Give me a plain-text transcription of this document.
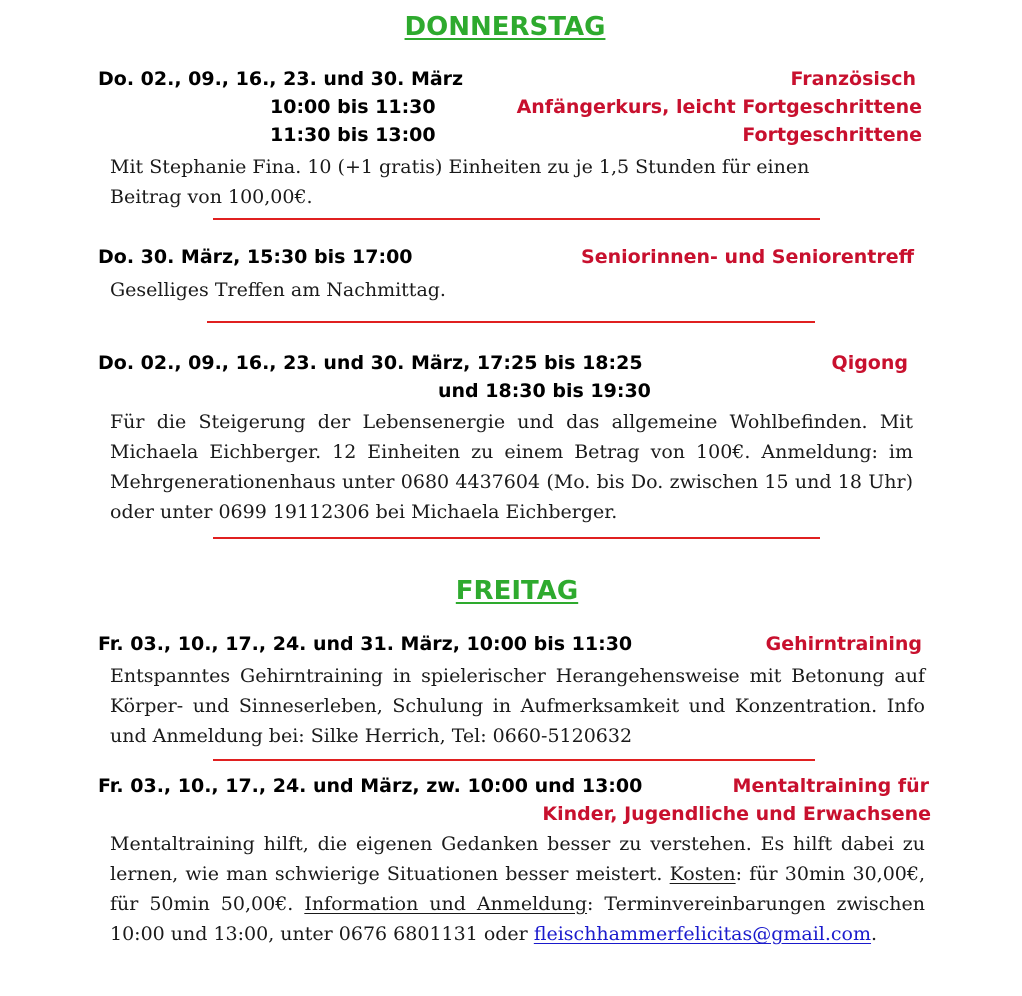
DONNERSTAG
Do. 02., 09., 16., 23. und 30. März	Französisch
10:00 bis 11:30	Anfängerkurs, leicht Fortgeschrittene
11:30 bis 13:00	Fortgeschrittene
Mit Stephanie Fina. 10 (+1 gratis) Einheiten zu je 1,5 Stunden für einen Beitrag von 100,00€.
Do. 30. März, 15:30 bis 17:00	Seniorinnen- und Seniorentreff
Geselliges Treffen am Nachmittag.
Do. 02., 09., 16., 23. und 30. März, 17:25 bis 18:25	Qigong
und 18:30 bis 19:30
Für die Steigerung der Lebensenergie und das allgemeine Wohlbefinden. Mit Michaela Eichberger. 12 Einheiten zu einem Betrag von 100€. Anmeldung: im Mehrgenerationenhaus unter 0680 4437604 (Mo. bis Do. zwischen 15 und 18 Uhr) oder unter 0699 19112306 bei Michaela Eichberger.
FREITAG
Fr. 03., 10., 17., 24. und 31. März, 10:00 bis 11:30	Gehirntraining
Entspanntes Gehirntraining in spielerischer Herangehensweise mit Betonung auf Körper- und Sinneserleben, Schulung in Aufmerksamkeit und Konzentration. Info und Anmeldung bei: Silke Herrich, Tel: 0660-5120632
Fr. 03., 10., 17., 24. und März, zw. 10:00 und 13:00	Mentaltraining für
Kinder, Jugendliche und Erwachsene
Mentaltraining hilft, die eigenen Gedanken besser zu verstehen. Es hilft dabei zu lernen, wie man schwierige Situationen besser meistert. Kosten: für 30min 30,00€, für 50min 50,00€. Information und Anmeldung: Terminvereinbarungen zwischen 10:00 und 13:00, unter 0676 6801131 oder fleischhammerfelicitas@gmail.com.
